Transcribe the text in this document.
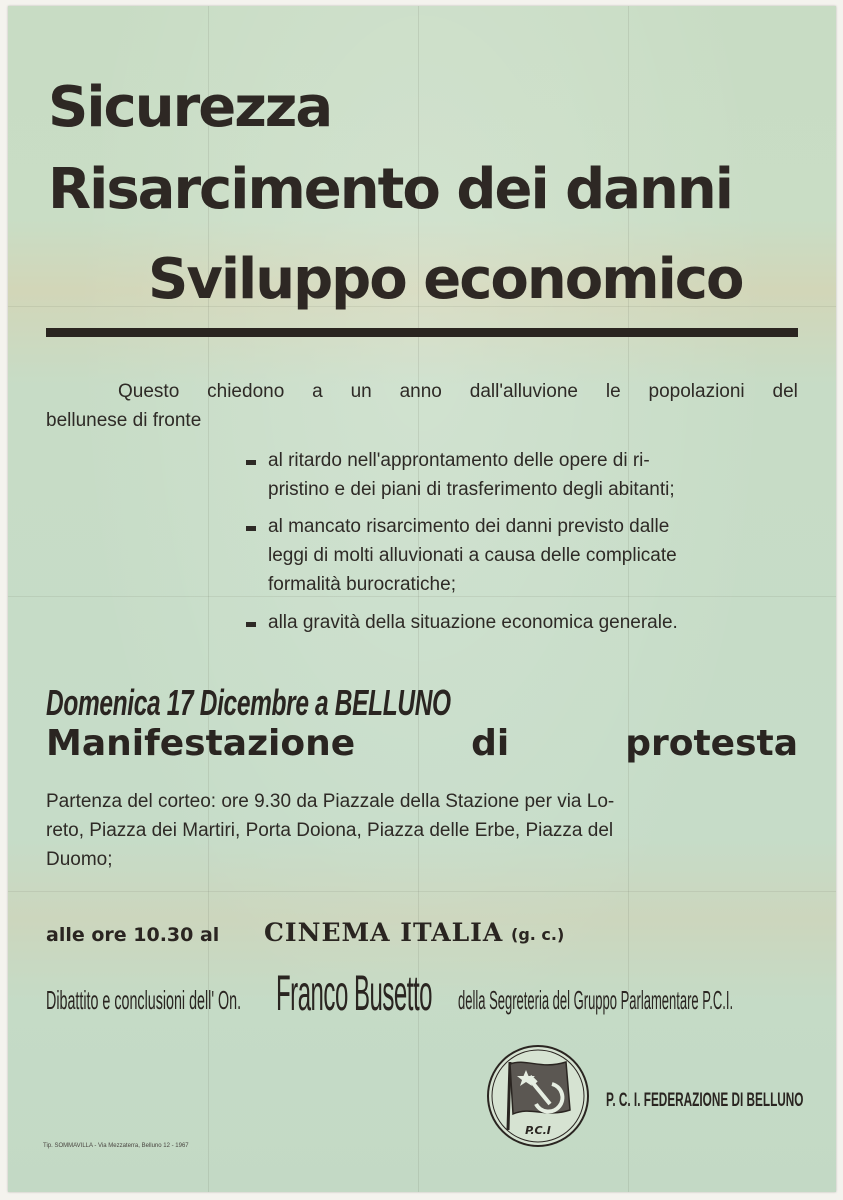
Sicurezza
Risarcimento dei danni
Sviluppo economico
Questo chiedono a un anno dall'alluvione le popolazioni del
bellunese di fronte
al ritardo nell'approntamento delle opere di ri-
pristino e dei piani di trasferimento degli abitanti;
al mancato risarcimento dei danni previsto dalle
leggi di molti alluvionati a causa delle complicate
formalità burocratiche;
alla gravità della situazione economica generale.
Domenica 17 Dicembre a BELLUNO
Manifestazione	di	protesta
Partenza del corteo: ore 9.30 da Piazzale della Stazione per via Lo-
reto, Piazza dei Martiri, Porta Doiona, Piazza delle Erbe, Piazza del
Duomo;
alle ore 10.30 al CINEMA ITALIA (g. c.)
Dibattito e conclusioni dell' On. Franco Busetto della Segreteria del Gruppo Parlamentare P.C.I.
P.C.I
P. C. I. FEDERAZIONE DI BELLUNO
Tip. SOMMAVILLA - Via Mezzaterra, Belluno 12 - 1967
